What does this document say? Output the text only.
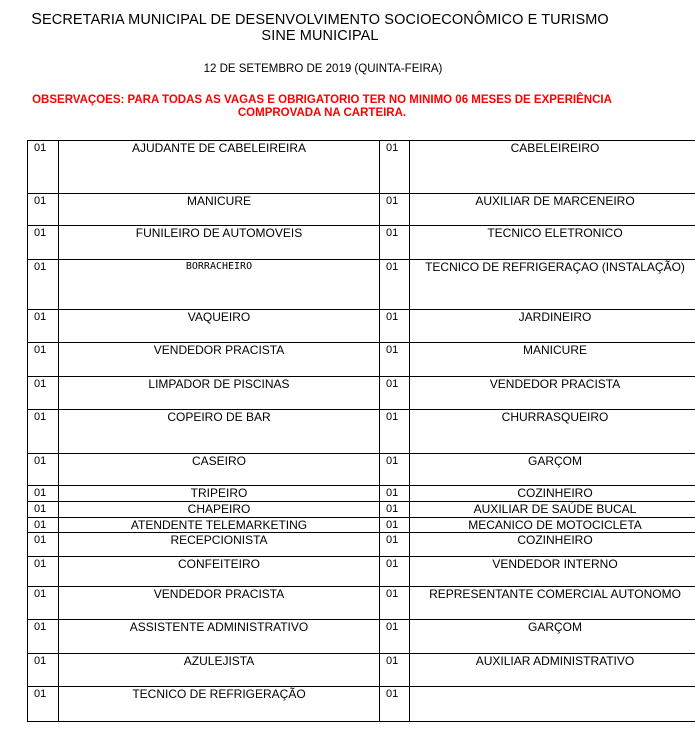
SECRETARIA MUNICIPAL DE DESENVOLVIMENTO SOCIOECONÔMICO E TURISMO
SINE MUNICIPAL
12 DE SETEMBRO DE 2019 (QUINTA-FEIRA)
OBSERVAÇOES: PARA TODAS AS VAGAS E OBRIGATORIO TER NO MINIMO 06 MESES DE EXPERIÊNCIA COMPROVADA NA CARTEIRA.
01	AJUDANTE DE CABELEIREIRA	01	CABELEIREIRO
01	MANICURE	01	AUXILIAR DE MARCENEIRO
01	FUNILEIRO DE AUTOMOVEIS	01	TECNICO ELETRONICO
01	BORRACHEIRO	01	TECNICO DE REFRIGERAÇAO (INSTALAÇÃO)
01	VAQUEIRO	01	JARDINEIRO
01	VENDEDOR PRACISTA	01	MANICURE
01	LIMPADOR DE PISCINAS	01	VENDEDOR PRACISTA
01	COPEIRO DE BAR	01	CHURRASQUEIRO
01	CASEIRO	01	GARÇOM
01	TRIPEIRO	01	COZINHEIRO
01	CHAPEIRO	01	AUXILIAR DE SAÚDE BUCAL
01	ATENDENTE TELEMARKETING	01	MECANICO DE MOTOCICLETA
01	RECEPCIONISTA	01	COZINHEIRO
01	CONFEITEIRO	01	VENDEDOR INTERNO
01	VENDEDOR PRACISTA	01	REPRESENTANTE COMERCIAL AUTONOMO
01	ASSISTENTE ADMINISTRATIVO	01	GARÇOM
01	AZULEJISTA	01	AUXILIAR ADMINISTRATIVO
01	TECNICO DE REFRIGERAÇÃO	01	
